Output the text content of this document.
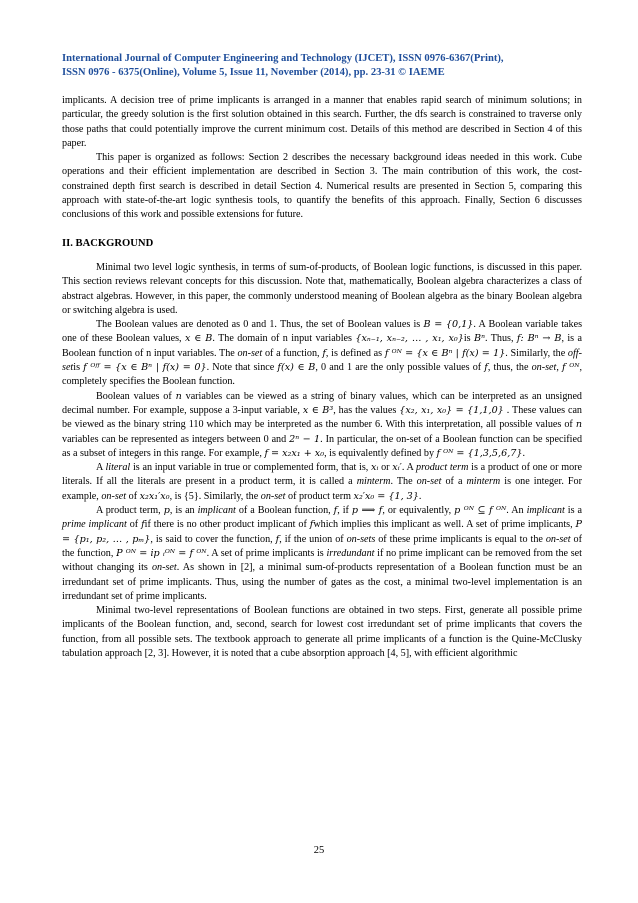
International Journal of Computer Engineering and Technology (IJCET), ISSN 0976-6367(Print),
ISSN 0976 - 6375(Online), Volume 5, Issue 11, November (2014), pp. 23-31 © IAEME

implicants. A decision tree of prime implicants is arranged in a manner that enables rapid search of minimum solutions; in particular, the greedy solution is the first solution obtained in this search. Further, the dfs search is constrained to traverse only those paths that could potentially improve the current minimum cost. Details of this method are described in Section 4 of this paper.

This paper is organized as follows: Section 2 describes the necessary background ideas needed in this work. Cube operations and their efficient implementation are described in Section 3. The main contribution of this work, the cost-constrained depth first search is described in detail Section 4. Numerical results are presented in Section 5, comparing this approach with state-of-the-art logic synthesis tools, to quantify the benefits of this approach. Finally, Section 6 discusses conclusions of this work and possible extensions for future.

II. BACKGROUND

Minimal two level logic synthesis, in terms of sum-of-products, of Boolean logic functions, is discussed in this paper. This section reviews relevant concepts for this discussion. Note that, mathematically, Boolean algebra characterizes a class of abstract algebras. However, in this paper, the commonly understood meaning of Boolean algebra as the binary Boolean algebra or switching algebra is used.

The Boolean values are denoted as 0 and 1. Thus, the set of Boolean values is B = {0,1}. A Boolean variable takes one of these Boolean values, x ∈ B. The domain of n input variables {xₙ₋₁, xₙ₋₂, … , x₁, x₀}is Bⁿ. Thus, f: Bⁿ → B, is a Boolean function of n input variables. The on-set of a function, f, is defined as f ᴼᴺ = {x ∈ Bⁿ | f(x) = 1}. Similarly, the off-setis f ᴼᶠᶠ = {x ∈ Bⁿ | f(x) = 0}. Note that since f(x) ∈ B, 0 and 1 are the only possible values of f, thus, the on-set, f ᴼᴺ, completely specifies the Boolean function.

Boolean values of n variables can be viewed as a string of binary values, which can be interpreted as an unsigned decimal number. For example, suppose a 3-input variable, x ∈ B³, has the values {x₂, x₁, x₀} = {1,1,0} . These values can be viewed as the binary string 110 which may be interpreted as the number 6. With this interpretation, all possible values of n variables can be represented as integers between 0 and 2ⁿ − 1. In particular, the on-set of a Boolean function can be specified as a subset of integers in this range. For example, f = x₂x₁ + x₀, is equivalently defined by f ᴼᴺ = {1,3,5,6,7}.

A literal is an input variable in true or complemented form, that is, xᵢ or xᵢ′. A product term is a product of one or more literals. If all the literals are present in a product term, it is called a minterm. The on-set of a minterm is one integer. For example, on-set of x₂x₁′x₀, is {5}. Similarly, the on-set of product term x₂′x₀ = {1, 3}.

A product term, p, is an implicant of a Boolean function, f, if p ⟹ f, or equivalently, p ᴼᴺ ⊆ f ᴼᴺ. An implicant is a prime implicant of fif there is no other product implicant of fwhich implies this implicant as well. A set of prime implicants, P = {p₁, p₂, … , pₘ}, is said to cover the function, f, if the union of on-sets of these prime implicants is equal to the on-set of the function, P ᴼᴺ = ip ᵢᴼᴺ = f ᴼᴺ. A set of prime implicants is irredundant if no prime implicant can be removed from the set without changing its on-set. As shown in [2], a minimal sum-of-products representation of a Boolean function must be an irredundant set of prime implicants. Thus, using the number of gates as the cost, a minimal two-level implementation is an irredundant set of prime implicants.

Minimal two-level representations of Boolean functions are obtained in two steps. First, generate all possible prime implicants of the Boolean function, and, second, search for lowest cost irredundant set of prime implicants that covers the function, from all possible sets. The textbook approach to generate all prime implicants of a function is the Quine-McClusky tabulation approach [2, 3]. However, it is noted that a cube absorption approach [4, 5], with efficient algorithmic

25
